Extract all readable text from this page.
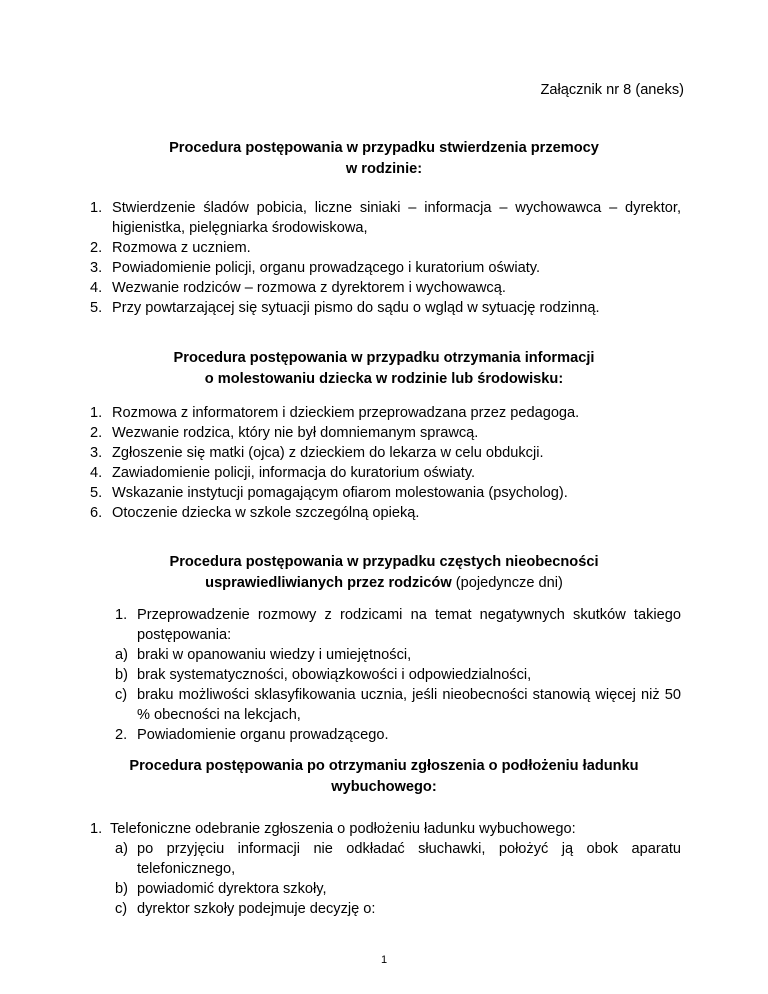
Załącznik nr 8 (aneks)

Procedura postępowania w przypadku stwierdzenia przemocy
w rodzinie:
1. Stwierdzenie śladów pobicia, liczne siniaki – informacja – wychowawca – dyrektor, higienistka, pielęgniarka środowiskowa,
2. Rozmowa z uczniem.
3. Powiadomienie policji, organu prowadzącego i kuratorium oświaty.
4. Wezwanie rodziców – rozmowa z dyrektorem i wychowawcą.
5. Przy powtarzającej się sytuacji pismo do sądu o wgląd w sytuację rodzinną.
Procedura postępowania w przypadku otrzymania informacji
o molestowaniu dziecka w rodzinie lub środowisku:
1. Rozmowa z informatorem i dzieckiem przeprowadzana przez pedagoga.
2. Wezwanie rodzica, który nie był domniemanym sprawcą.
3. Zgłoszenie się matki (ojca) z dzieckiem do lekarza w celu obdukcji.
4. Zawiadomienie policji, informacja do kuratorium oświaty.
5. Wskazanie instytucji pomagającym ofiarom molestowania (psycholog).
6. Otoczenie dziecka w szkole szczególną opieką.
Procedura postępowania w przypadku częstych nieobecności
usprawiedliwianych przez rodziców (pojedyncze dni)
1. Przeprowadzenie rozmowy z rodzicami na temat negatywnych skutków takiego postępowania:
a) braki w opanowaniu wiedzy i umiejętności,
b) brak systematyczności, obowiązkowości i odpowiedzialności,
c) braku możliwości sklasyfikowania ucznia, jeśli nieobecności stanowią więcej niż 50 % obecności na lekcjach,
2. Powiadomienie organu prowadzącego.
Procedura postępowania po otrzymaniu zgłoszenia o podłożeniu ładunku
wybuchowego:
1. Telefoniczne odebranie zgłoszenia o podłożeniu ładunku wybuchowego:
a) po przyjęciu informacji nie odkładać słuchawki, położyć ją obok aparatu telefonicznego,
b) powiadomić dyrektora szkoły,
c) dyrektor szkoły podejmuje decyzję o:
1
